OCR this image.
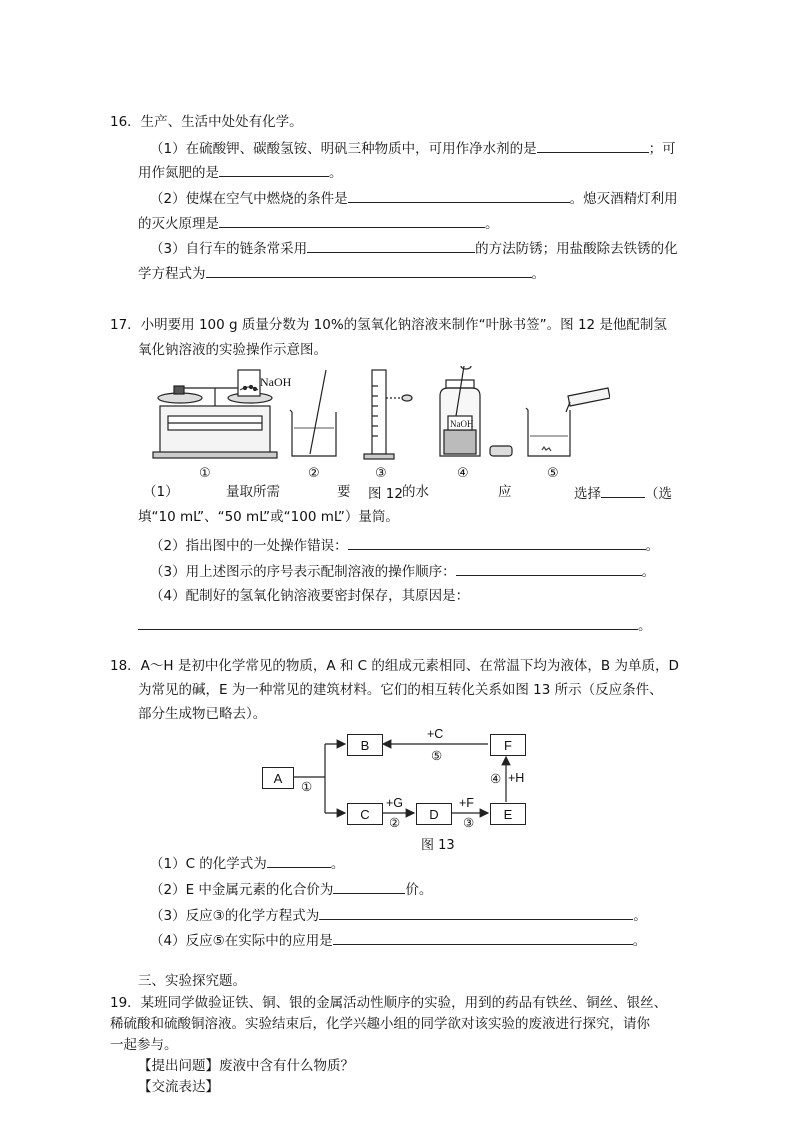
16．生产、生活中处处有化学。
（1）在硫酸钾、碳酸氢铵、明矾三种物质中，可用作净水剂的是	；可
用作氮肥的是	。
（2）使煤在空气中燃烧的条件是	。熄灭酒精灯利用
的灭火原理是	。
（3）自行车的链条常采用	的方法防锈；用盐酸除去铁锈的化
学方程式为	。
17．小明要用 100 g 质量分数为 10%的氢氧化钠溶液来制作“叶脉书签”。图 12 是他配制氢
氧化钠溶液的实验操作示意图。
NaOH
NaOH
①	②	③	④	⑤
（1）	量取所需	要 图 12 的水	应	选择	（选
填“10 mL”、“50 mL”或“100 mL”）量筒。
（2）指出图中的一处操作错误：	。
（3）用上述图示的序号表示配制溶液的操作顺序：	。
（4）配制好的氢氧化钠溶液要密封保存，其原因是：
。
18．A～H 是初中化学常见的物质，A 和 C 的组成元素相同、在常温下均为液体，B 为单质，D
为常见的碱，E 为一种常见的建筑材料。它们的相互转化关系如图 13 所示（反应条件、
部分生成物已略去）。
A
B
C	D	E
F
+C
⑤
①
④ +H
+G
②
+F
③
图 13
（1）C 的化学式为	。
（2）E 中金属元素的化合价为	价。
（3）反应③的化学方程式为	。
（4）反应⑤在实际中的应用是	。
三、实验探究题。
19．某班同学做验证铁、铜、银的金属活动性顺序的实验，用到的药品有铁丝、铜丝、银丝、
稀硫酸和硫酸铜溶液。实验结束后，化学兴趣小组的同学欲对该实验的废液进行探究，请你
一起参与。
【提出问题】废液中含有什么物质？
【交流表达】
